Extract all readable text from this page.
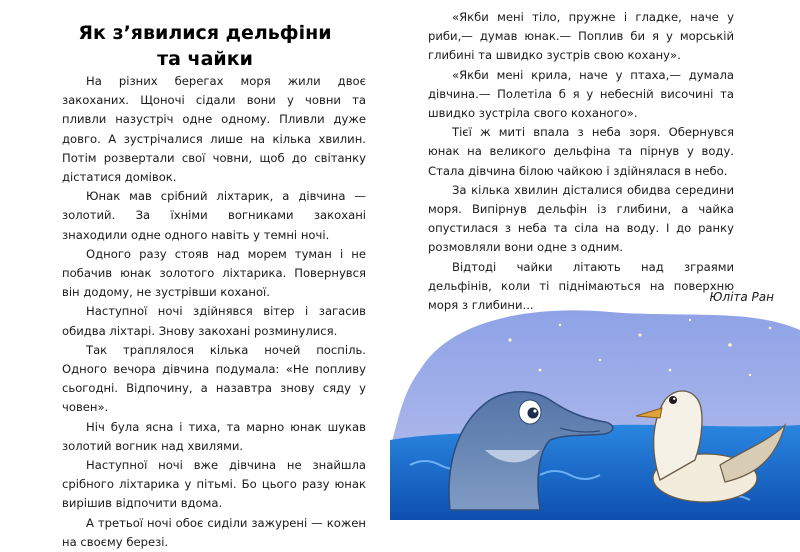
Як з’явилися дельфіни
та чайки

На різних берегах моря жили двоє закоханих. Щоночі сідали вони у човни та пливли назустріч одне одному. Пливли дуже довго. А зустрічалися лише на кілька хвилин. Потім розвертали свої човни, щоб до світанку дістатися домівок.

Юнак мав срібний ліхтарик, а дівчина — золотий. За їхніми вогниками закохані знаходили одне одного навіть у темні ночі.

Одного разу стояв над морем туман і не побачив юнак золотого ліхтарика. Повернувся він додому, не зустрівши коханої.

Наступної ночі здійнявся вітер і загасив обидва ліхтарі. Знову закохані розминулися.

Так траплялося кілька ночей поспіль. Одного вечора дівчина подумала: «Не попливу сьогодні. Відпочину, а назавтра знову сяду у човен».

Ніч була ясна і тиха, та марно юнак шукав золотий вогник над хвилями.

Наступної ночі вже дівчина не знайшла срібного ліхтарика у пітьмі. Бо цього разу юнак вирішив відпочити вдома.

А третьої ночі обоє сиділи зажурені — кожен на своєму березі.

«Якби мені тіло, пружне і гладке, наче у риби,— думав юнак.— Поплив би я у морській глибині та швидко зустрів свою кохану».

«Якби мені крила, наче у птаха,— думала дівчина.— Полетіла б я у небесній височині та швидко зустріла свого коханого».

Тієї ж миті впала з неба зоря. Обернувся юнак на великого дельфіна та пірнув у воду. Стала дівчина білою чайкою і здійнялася в небо.

За кілька хвилин дісталися обидва середини моря. Випірнув дельфін із глибини, а чайка опустилася з неба та сіла на воду. І до ранку розмовляли вони одне з одним.

Відтоді чайки літають над зграями дельфінів, коли ті піднімаються на поверхню моря з глибини...

Юліта Ран
